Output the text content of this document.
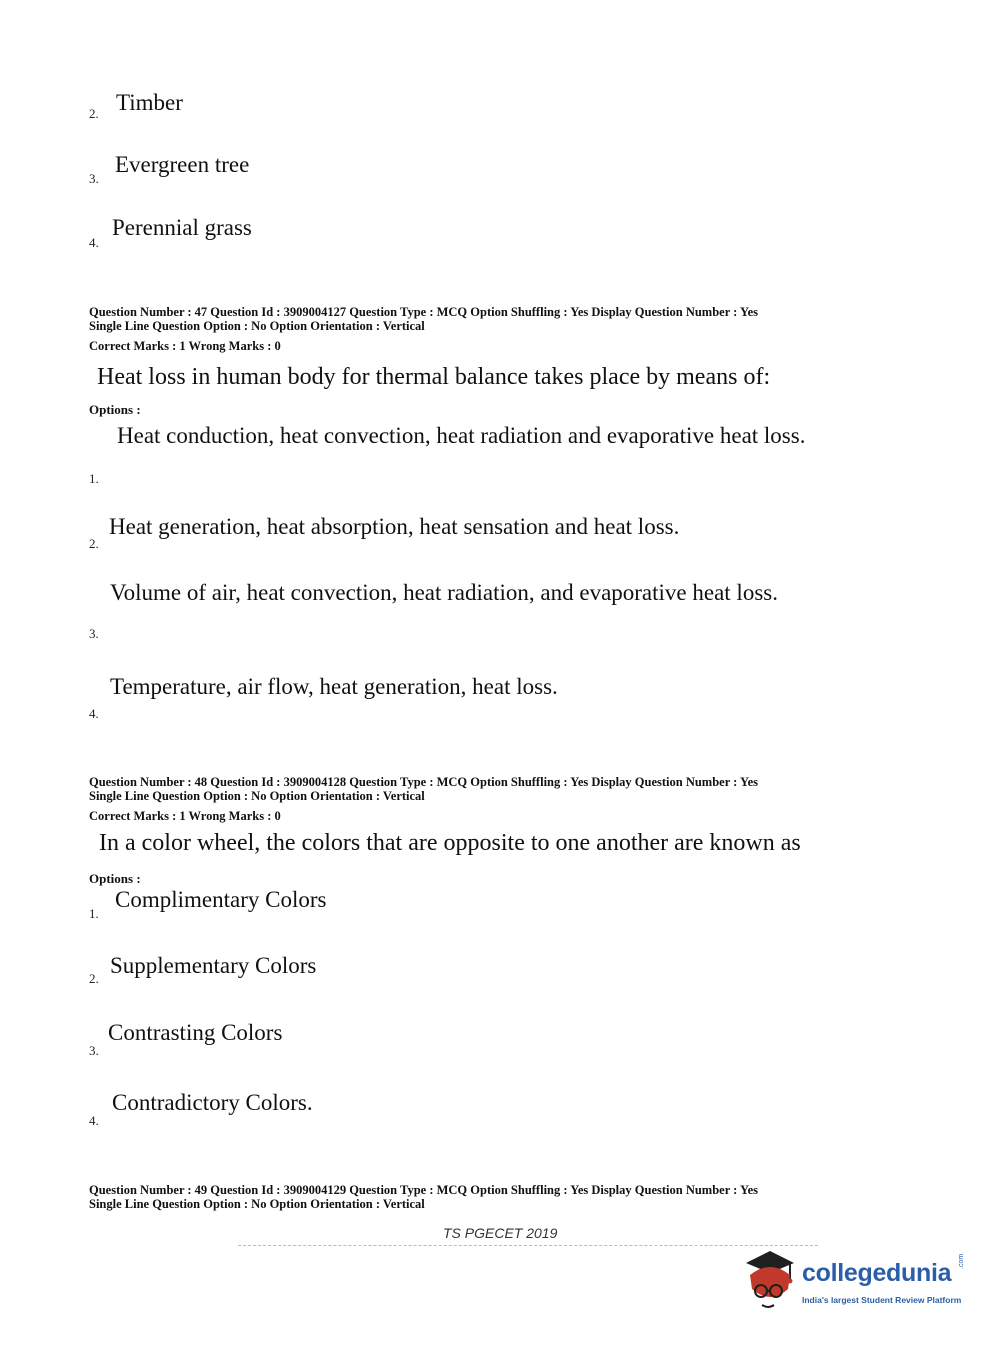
2. Timber
3.
Evergreen tree
4.
Perennial grass
Question Number : 47 Question Id : 3909004127 Question Type : MCQ Option Shuffling : Yes Display Question Number : Yes
Single Line Question Option : No Option Orientation : Vertical
Correct Marks : 1 Wrong Marks : 0
Heat loss in human body for thermal balance takes place by means of:
Options :
1.
Heat conduction, heat convection, heat radiation and evaporative heat loss.
2.
Heat generation, heat absorption, heat sensation and heat loss.
3.
Volume of air, heat convection, heat radiation, and evaporative heat loss.
4.
Temperature, air flow, heat generation, heat loss.
Question Number : 48 Question Id : 3909004128 Question Type : MCQ Option Shuffling : Yes Display Question Number : Yes
Single Line Question Option : No Option Orientation : Vertical
Correct Marks : 1 Wrong Marks : 0
In a color wheel, the colors that are opposite to one another are known as
Options :
1.
Complimentary Colors
2.
Supplementary Colors
3.
Contrasting Colors
4.
Contradictory Colors.
Question Number : 49 Question Id : 3909004129 Question Type : MCQ Option Shuffling : Yes Display Question Number : Yes
Single Line Question Option : No Option Orientation : Vertical
TS PGECET 2019
collegedunia .com
India's largest Student Review Platform
